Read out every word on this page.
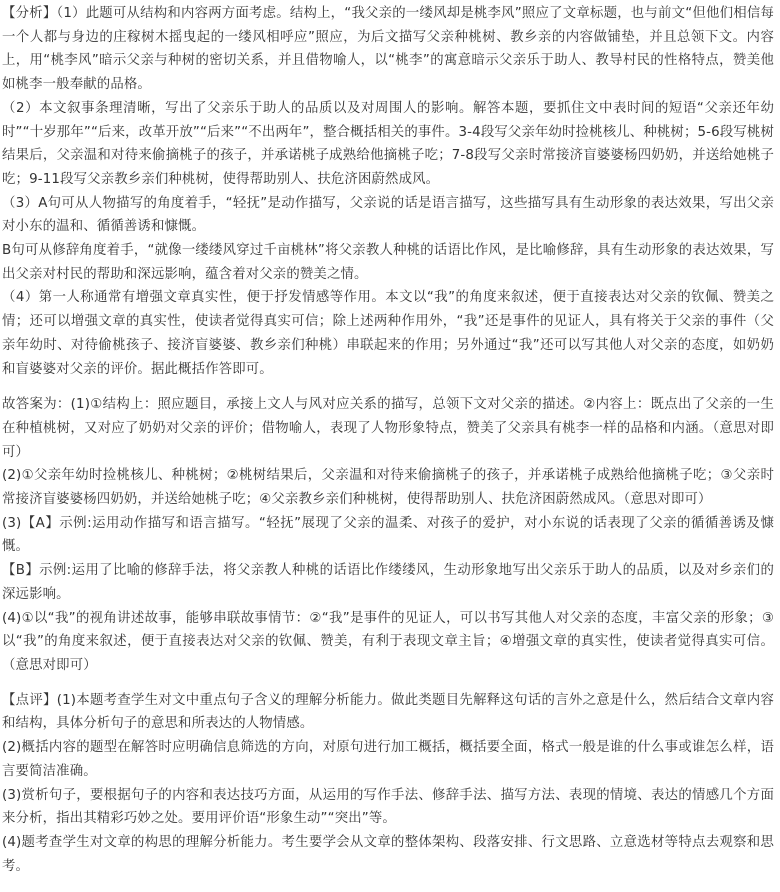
【分析】（1）此题可从结构和内容两方面考虑。结构上，“我父亲的一缕风却是桃李风”照应了文章标题，也与前文“但他们相信每一个人都与身边的庄稼树木摇曳起的一缕风相呼应”照应，为后文描写父亲种桃树、教乡亲的内容做铺垫，并且总领下文。内容上，用“桃李风”暗示父亲与种树的密切关系，并且借物喻人，以“桃李”的寓意暗示父亲乐于助人、教导村民的性格特点，赞美他如桃李一般奉献的品格。

（2）本文叙事条理清晰，写出了父亲乐于助人的品质以及对周围人的影响。解答本题，要抓住文中表时间的短语“父亲还年幼时”“十岁那年”“后来，改革开放”“后来”“不出两年”，整合概括相关的事件。3-4段写父亲年幼时捡桃核儿、种桃树；5-6段写桃树结果后，父亲温和对待来偷摘桃子的孩子，并承诺桃子成熟给他摘桃子吃；7-8段写父亲时常接济盲婆婆杨四奶奶，并送给她桃子吃；9-11段写父亲教乡亲们种桃树，使得帮助别人、扶危济困蔚然成风。

（3）A句可从人物描写的角度着手，“轻抚”是动作描写，父亲说的话是语言描写，这些描写具有生动形象的表达效果，写出父亲对小东的温和、循循善诱和慷慨。

B句可从修辞角度着手，“就像一缕缕风穿过千亩桃林”将父亲教人种桃的话语比作风，是比喻修辞，具有生动形象的表达效果，写出父亲对村民的帮助和深远影响，蕴含着对父亲的赞美之情。

（4）第一人称通常有增强文章真实性，便于抒发情感等作用。本文以“我”的角度来叙述，便于直接表达对父亲的钦佩、赞美之情；还可以增强文章的真实性，使读者觉得真实可信；除上述两种作用外，“我”还是事件的见证人，具有将关于父亲的事件（父亲年幼时、对待偷桃孩子、接济盲婆婆、教乡亲们种桃）串联起来的作用；另外通过“我”还可以写其他人对父亲的态度，如奶奶和盲婆婆对父亲的评价。据此概括作答即可。

故答案为：(1)①结构上：照应题目，承接上文人与风对应关系的描写，总领下文对父亲的描述。②内容上：既点出了父亲的一生在种植桃树，又对应了奶奶对父亲的评价；借物喻人，表现了人物形象特点，赞美了父亲具有桃李一样的品格和内涵。（意思对即可）

(2)①父亲年幼时捡桃核儿、种桃树；②桃树结果后，父亲温和对待来偷摘桃子的孩子，并承诺桃子成熟给他摘桃子吃；③父亲时常接济盲婆婆杨四奶奶，并送给她桃子吃；④父亲教乡亲们种桃树，使得帮助别人、扶危济困蔚然成风。（意思对即可）

(3)【A】示例:运用动作描写和语言描写。“轻抚”展现了父亲的温柔、对孩子的爱护，对小东说的话表现了父亲的循循善诱及慷慨。

【B】示例:运用了比喻的修辞手法，将父亲教人种桃的话语比作缕缕风，生动形象地写出父亲乐于助人的品质，以及对乡亲们的深远影响。

(4)①以“我”的视角讲述故事，能够串联故事情节：②“我”是事件的见证人，可以书写其他人对父亲的态度，丰富父亲的形象；③以“我”的角度来叙述，便于直接表达对父亲的钦佩、赞美，有利于表现文章主旨；④增强文章的真实性，使读者觉得真实可信。（意思对即可）

【点评】(1)本题考查学生对文中重点句子含义的理解分析能力。做此类题目先解释这句话的言外之意是什么，然后结合文章内容和结构，具体分析句子的意思和所表达的人物情感。

(2)概括内容的题型在解答时应明确信息筛选的方向，对原句进行加工概括，概括要全面，格式一般是谁的什么事或谁怎么样，语言要简洁准确。

(3)赏析句子，要根据句子的内容和表达技巧方面，从运用的写作手法、修辞手法、描写方法、表现的情境、表达的情感几个方面来分析，指出其精彩巧妙之处。要用评价语“形象生动”“突出”等。

(4)题考查学生对文章的构思的理解分析能力。考生要学会从文章的整体架构、段落安排、行文思路、立意选材等特点去观察和思考。
